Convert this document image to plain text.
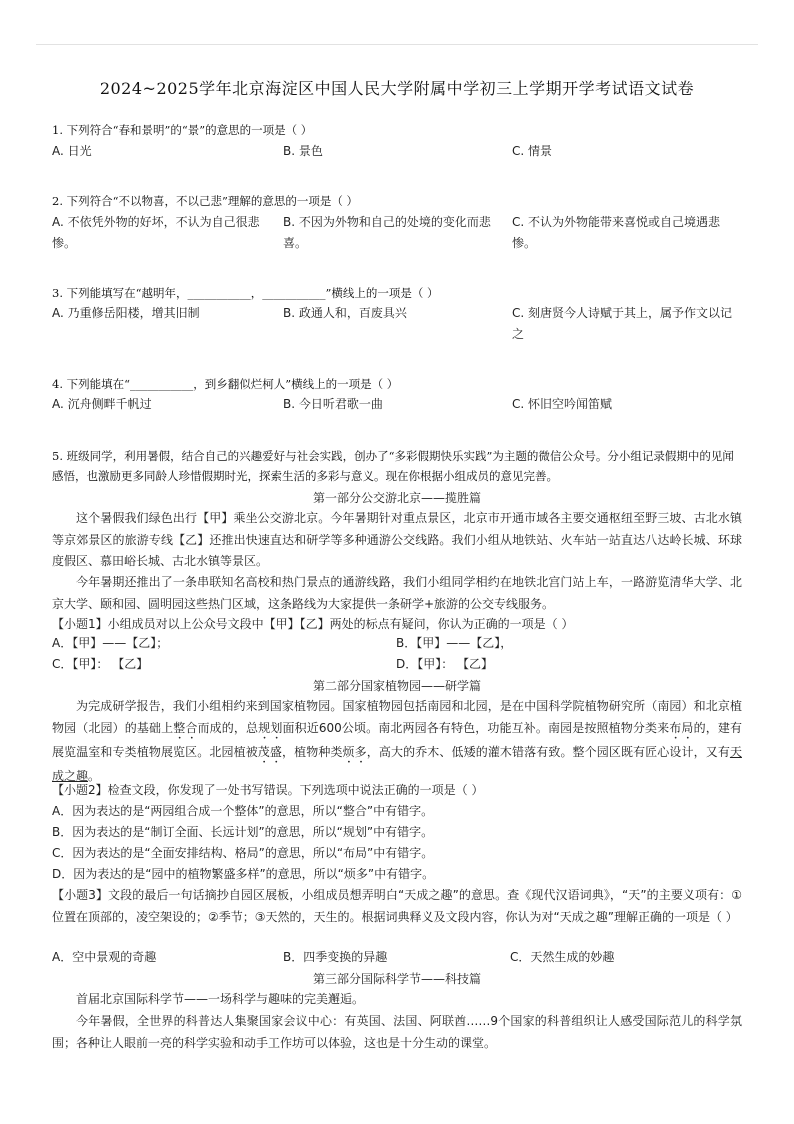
2024~2025学年北京海淀区中国人民大学附属中学初三上学期开学考试语文试卷
1. 下列符合“春和景明”的“景”的意思的一项是（ ）
A. 日光	B. 景色	C. 情景
2. 下列符合“不以物喜，不以己悲”理解的意思的一项是（ ）
A. 不依凭外物的好坏，不认为自己很悲惨。
B. 不因为外物和自己的处境的变化而悲喜。
C. 不认为外物能带来喜悦或自己境遇悲惨。
3. 下列能填写在“越明年，___________，___________”横线上的一项是（ ）
A. 乃重修岳阳楼，增其旧制	B. 政通人和，百废具兴	C. 刻唐贤今人诗赋于其上，属予作文以记之
4. 下列能填在“___________，到乡翻似烂柯人”横线上的一项是（ ）
A. 沉舟侧畔千帆过	B. 今日听君歌一曲	C. 怀旧空吟闻笛赋
5. 班级同学，利用暑假，结合自己的兴趣爱好与社会实践，创办了“多彩假期快乐实践”为主题的微信公众号。分小组记录假期中的见闻感悟，也激励更多同龄人珍惜假期时光，探索生活的多彩与意义。现在你根据小组成员的意见完善。
第一部分公交游北京——揽胜篇
这个暑假我们绿色出行【甲】乘坐公交游北京。今年暑期针对重点景区，北京市开通市域各主要交通枢纽至野三坡、古北水镇等京郊景区的旅游专线【乙】还推出快速直达和研学等多种通游公交线路。我们小组从地铁站、火车站一站直达八达岭长城、环球度假区、慕田峪长城、古北水镇等景区。
今年暑期还推出了一条串联知名高校和热门景点的通游线路，我们小组同学相约在地铁北宫门站上车，一路游览清华大学、北京大学、颐和园、圆明园这些热门区域，这条路线为大家提供一条研学+旅游的公交专线服务。
【小题1】小组成员对以上公众号文段中【甲】【乙】两处的标点有疑问，你认为正确的一项是（ ）
A．【甲】——【乙】；	B．【甲】——【乙】，
C．【甲】： 【乙】	D．【甲】： 【乙】
第二部分国家植物园——研学篇
为完成研学报告，我们小组相约来到国家植物园。国家植物园包括南园和北园，是在中国科学院植物研究所（南园）和北京植物园（北园）的基础上整合而成的，总规划面积近600公顷。南北两园各有特色，功能互补。南园是按照植物分类来布局的，建有展览温室和专类植物展览区。北园植被茂盛，植物种类烦多，高大的乔木、低矮的灌木错落有致。整个园区既有匠心设计，又有天成之趣。
【小题2】检查文段，你发现了一处书写错误。下列选项中说法正确的一项是（ ）
A．因为表达的是“两园组合成一个整体”的意思，所以“整合”中有错字。
B．因为表达的是“制订全面、长远计划”的意思，所以“规划”中有错字。
C．因为表达的是“全面安排结构、格局”的意思，所以“布局”中有错字。
D．因为表达的是“园中的植物繁盛多样”的意思，所以“烦多”中有错字。
【小题3】文段的最后一句话摘抄自园区展板，小组成员想弄明白“天成之趣”的意思。查《现代汉语词典》，“天”的主要义项有：①位置在顶部的，凌空架设的；②季节；③天然的，天生的。根据词典释义及文段内容，你认为对“天成之趣”理解正确的一项是（ ）
A．空中景观的奇趣	B．四季变换的异趣	C．天然生成的妙趣
第三部分国际科学节——科技篇
首届北京国际科学节——一场科学与趣味的完美邂逅。
今年暑假，全世界的科普达人集聚国家会议中心：有英国、法国、阿联酋……9个国家的科普组织让人感受国际范儿的科学氛围；各种让人眼前一亮的科学实验和动手工作坊可以体验，这也是十分生动的课堂。
